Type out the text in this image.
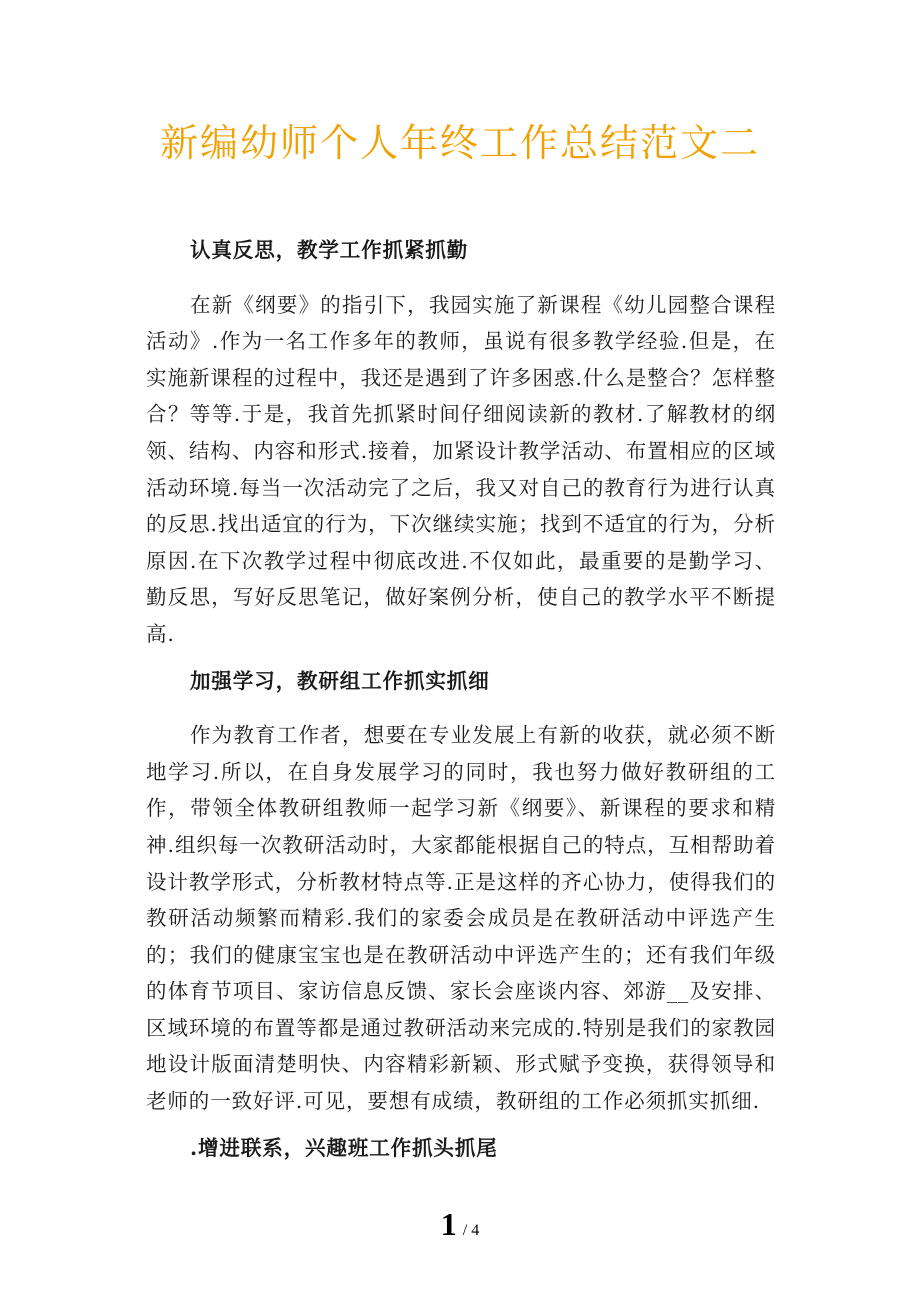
新编幼师个人年终工作总结范文二
认真反思，教学工作抓紧抓勤
在新《纲要》的指引下，我园实施了新课程《幼儿园整合课程活动》.作为一名工作多年的教师，虽说有很多教学经验.但是，在实施新课程的过程中，我还是遇到了许多困惑.什么是整合？怎样整合？等等.于是，我首先抓紧时间仔细阅读新的教材.了解教材的纲领、结构、内容和形式.接着，加紧设计教学活动、布置相应的区域活动环境.每当一次活动完了之后，我又对自己的教育行为进行认真的反思.找出适宜的行为，下次继续实施；找到不适宜的行为，分析原因.在下次教学过程中彻底改进.不仅如此，最重要的是勤学习、勤反思，写好反思笔记，做好案例分析，使自己的教学水平不断提高.
加强学习，教研组工作抓实抓细
作为教育工作者，想要在专业发展上有新的收获，就必须不断地学习.所以，在自身发展学习的同时，我也努力做好教研组的工作，带领全体教研组教师一起学习新《纲要》、新课程的要求和精神.组织每一次教研活动时，大家都能根据自己的特点，互相帮助着设计教学形式，分析教材特点等.正是这样的齐心协力，使得我们的教研活动频繁而精彩.我们的家委会成员是在教研活动中评选产生的；我们的健康宝宝也是在教研活动中评选产生的；还有我们年级的体育节项目、家访信息反馈、家长会座谈内容、郊游__及安排、区域环境的布置等都是通过教研活动来完成的.特别是我们的家教园地设计版面清楚明快、内容精彩新颖、形式赋予变换，获得领导和老师的一致好评.可见，要想有成绩，教研组的工作必须抓实抓细.
.增进联系，兴趣班工作抓头抓尾
1 / 4
